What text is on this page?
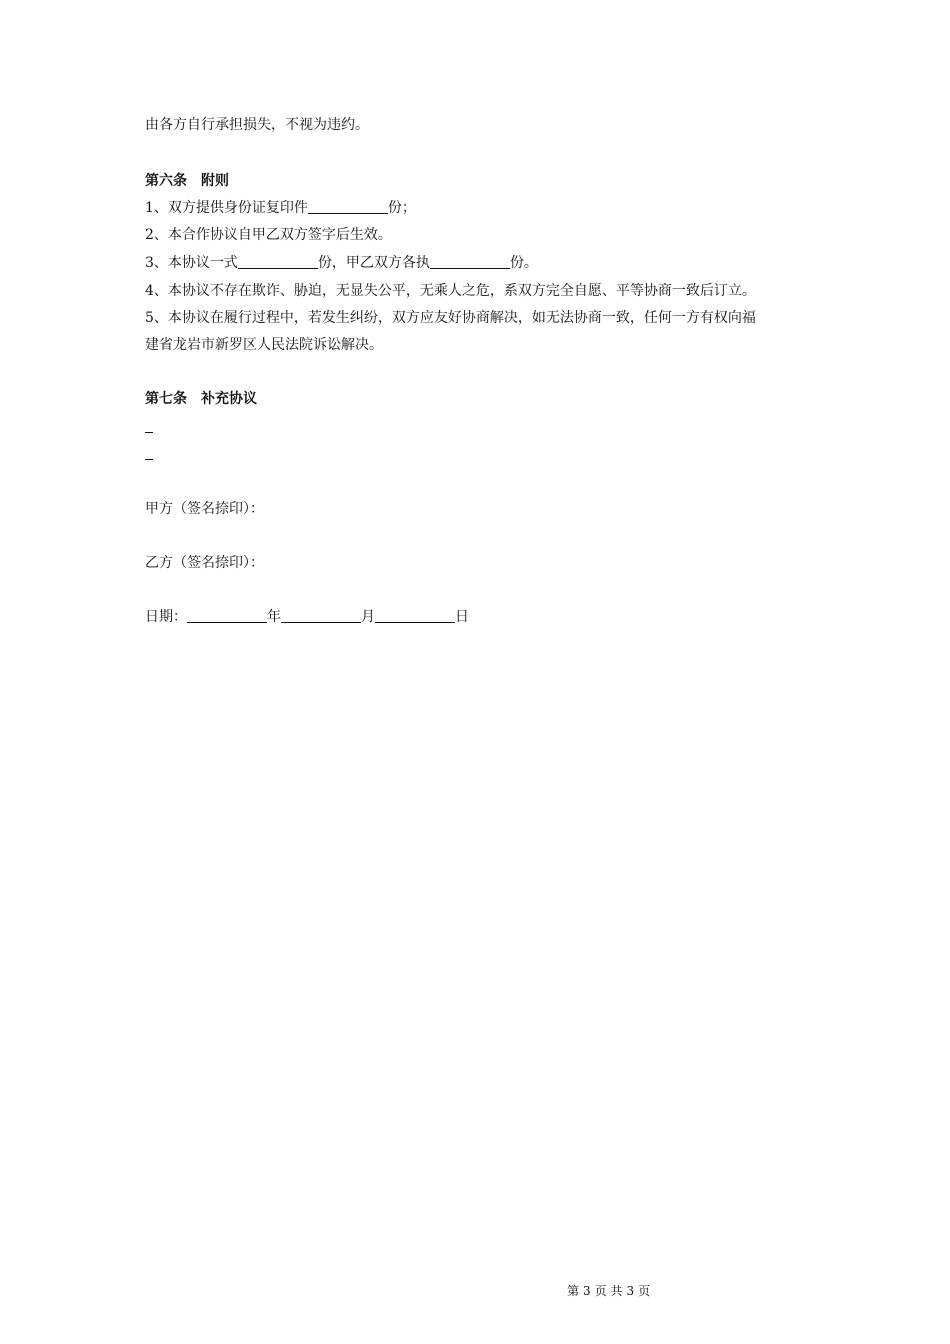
由各方自行承担损失，不视为违约。
第六条 附则
1、双方提供身份证复印件	份；
2、本合作协议自甲乙双方签字后生效。
3、本协议一式	份，甲乙双方各执	份。
4、本协议不存在欺诈、胁迫，无显失公平，无乘人之危，系双方完全自愿、平等协商一致后订立。
5、本协议在履行过程中，若发生纠纷，双方应友好协商解决，如无法协商一致，任何一方有权向福
建省龙岩市新罗区人民法院诉讼解决。
第七条 补充协议
甲方（签名捺印）：
乙方（签名捺印）：
日期：	年	月	日
第 3 页 共 3 页
